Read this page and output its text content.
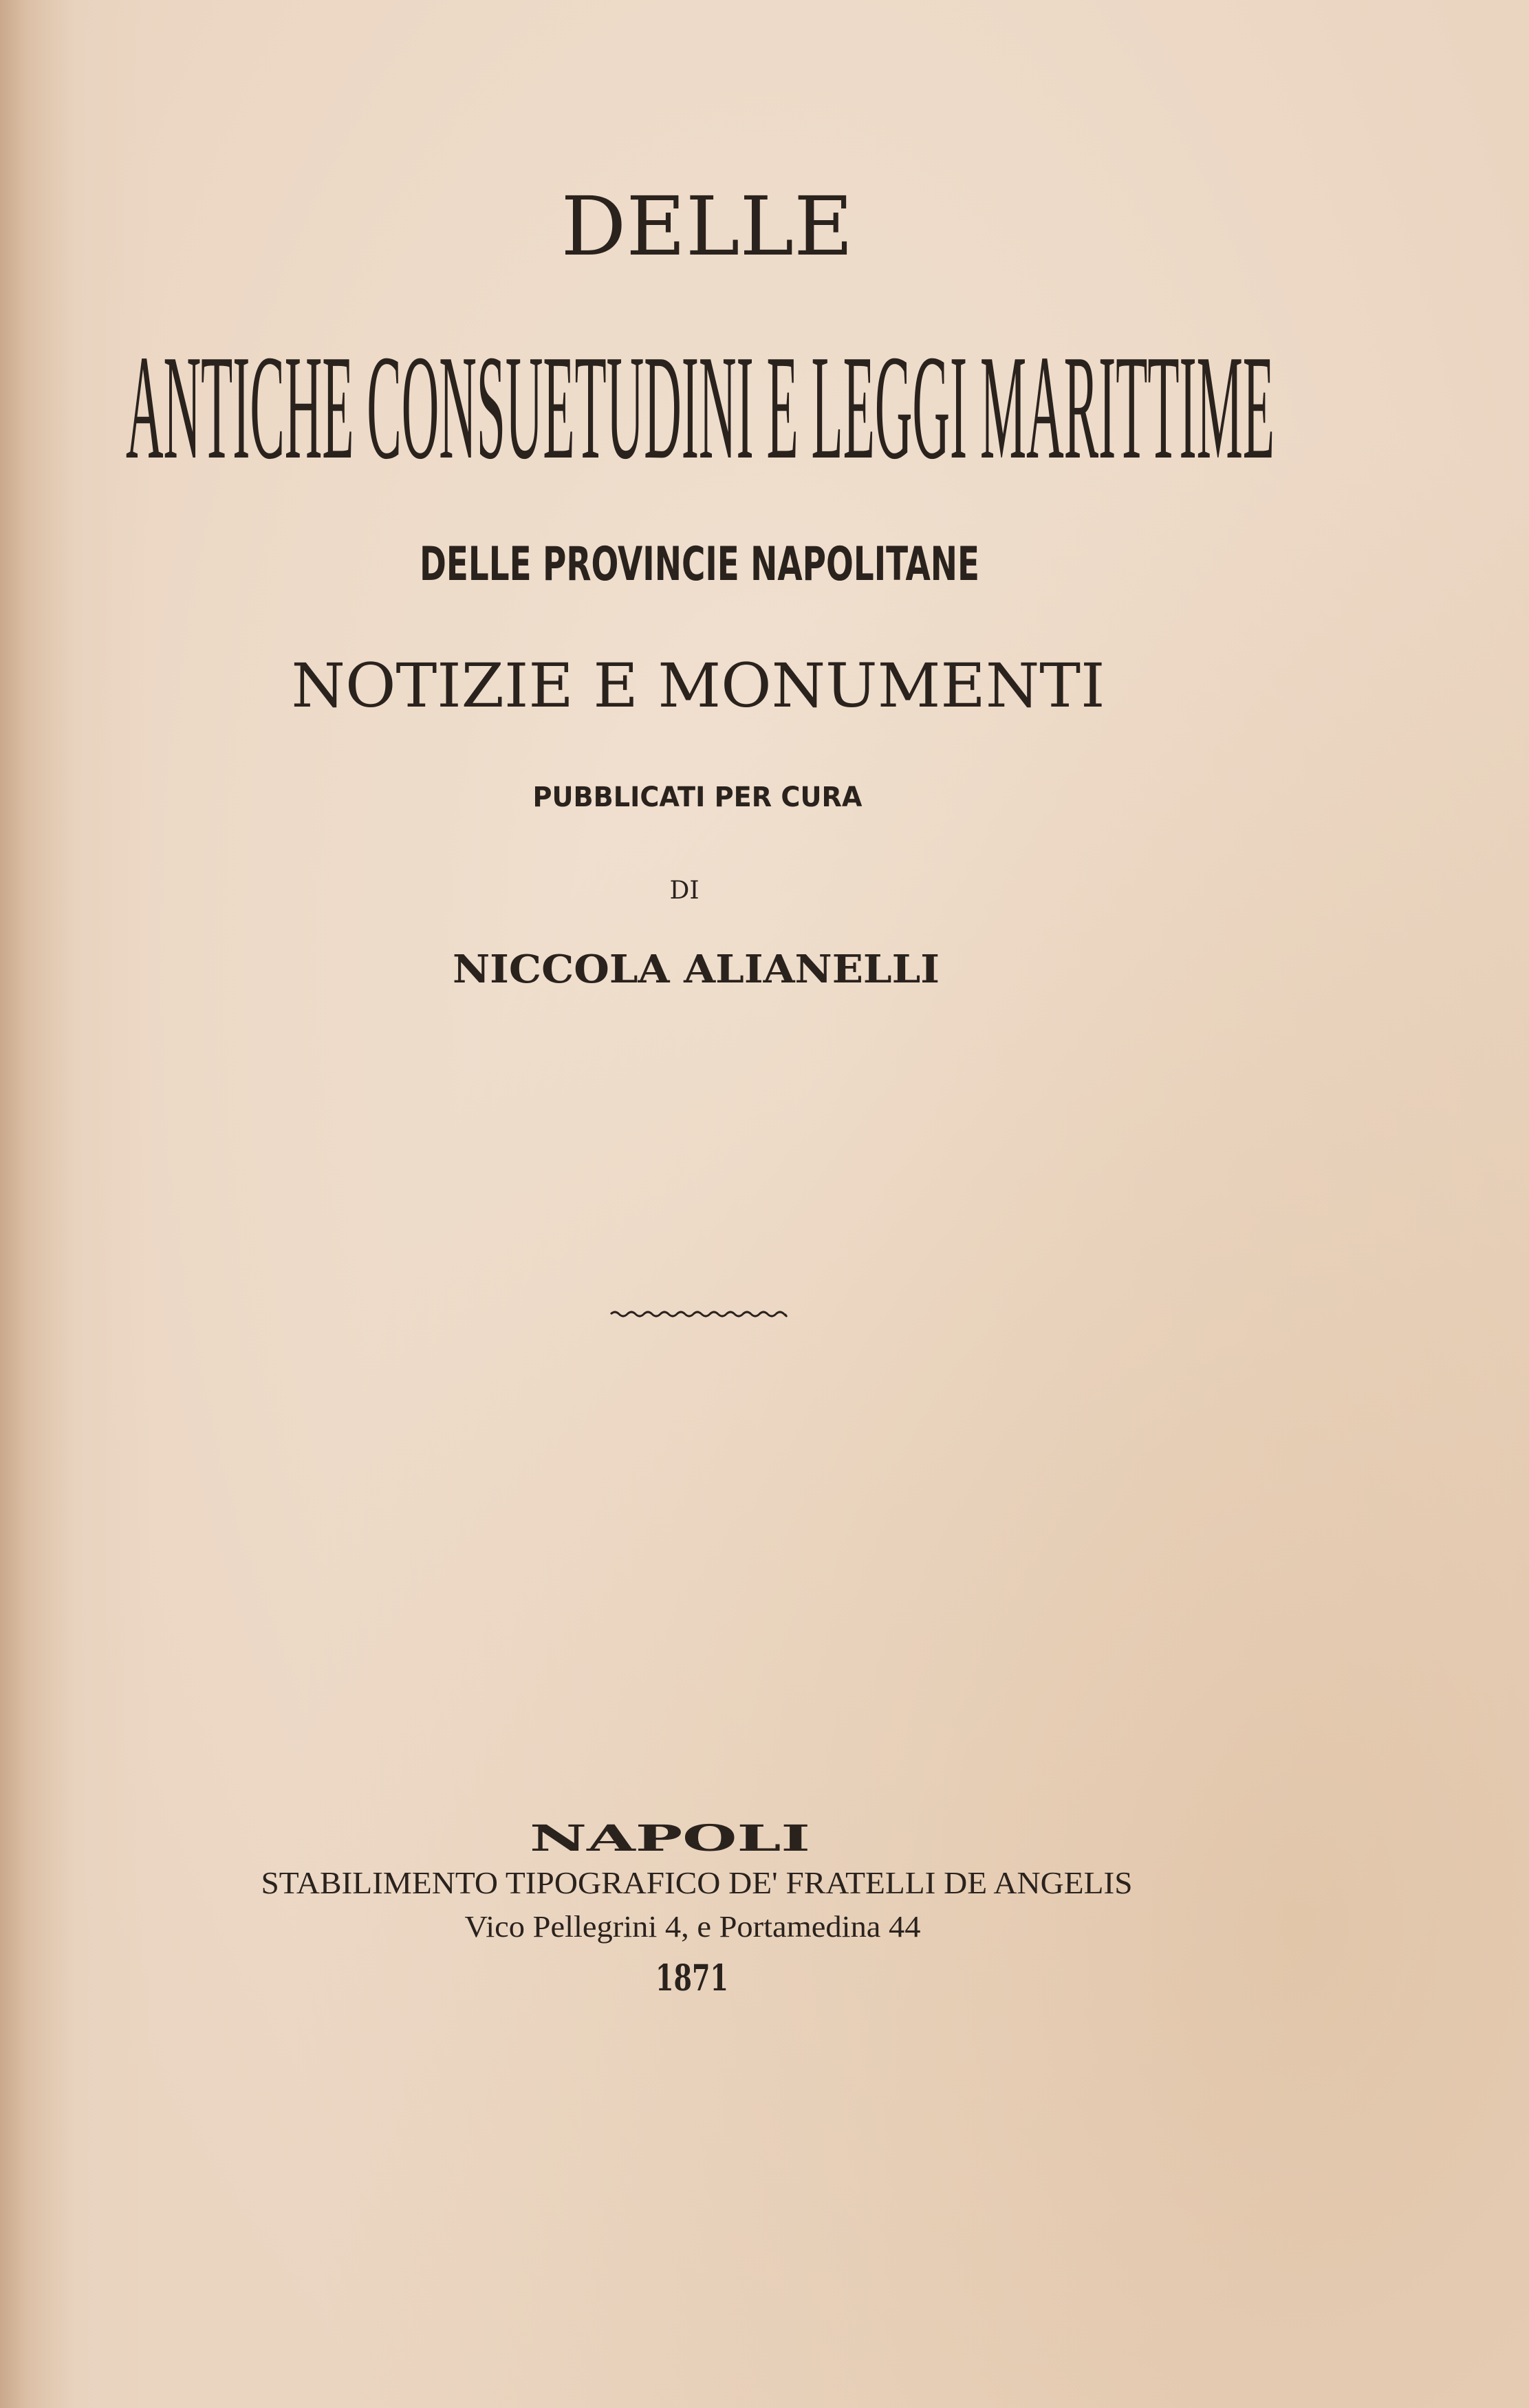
DELLE
ANTICHE CONSUETUDINI E LEGGI MARITTIME
DELLE PROVINCIE NAPOLITANE
NOTIZIE E MONUMENTI
PUBBLICATI PER CURA
DI
NICCOLA ALIANELLI
NAPOLI
STABILIMENTO TIPOGRAFICO DE' FRATELLI DE ANGELIS
Vico Pellegrini 4, e Portamedina 44
1871
